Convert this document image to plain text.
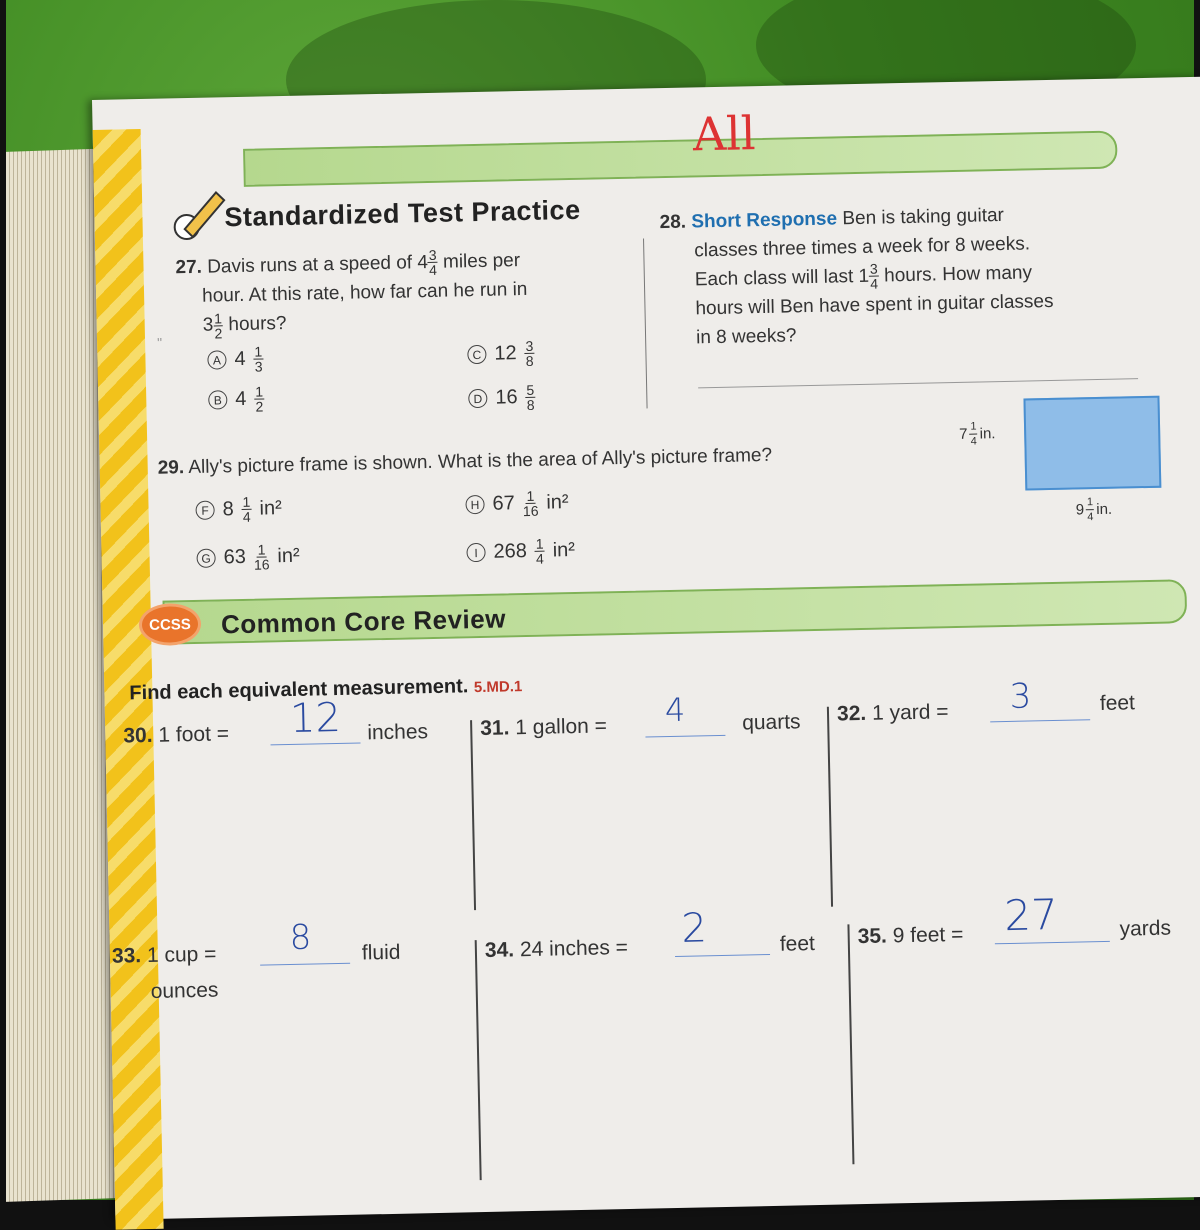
All
Standardized Test Practice
27. Davis runs at a speed of $4 \frac{3}{4}$ miles per
hour. At this rate, how far can he run in
$3 \frac{1}{2}$ hours?
A $4 \frac{1}{3}$
B $4 \frac{1}{2}$
C $12 \frac{3}{8}$
D $16 \frac{5}{8}$
"
28. Short Response Ben is taking guitar
classes three times a week for 8 weeks.
Each class will last $1 \frac{3}{4}$ hours. How many
hours will Ben have spent in guitar classes
in 8 weeks?
29. Ally's picture frame is shown. What is the area of Ally's picture frame?
F $8 \frac{1}{4} in^2$
G $63 \frac{1}{16} in^2$
H $67 \frac{1}{16} in^2$
I $268 \frac{1}{4} in^2$
$7 \frac{1}{4}$ in.
$9 \frac{1}{4}$ in.
CCSS	Common Core Review
Find each equivalent measurement. 5.MD.1
30. 1 foot = 12 inches 31. 1 gallon = 4	quarts 32. 1 yard = 3	feet
33. 1 cup = 8 fluid
ounces
34. 24 inches = 2	feet 35. 9 feet = 27	yards
